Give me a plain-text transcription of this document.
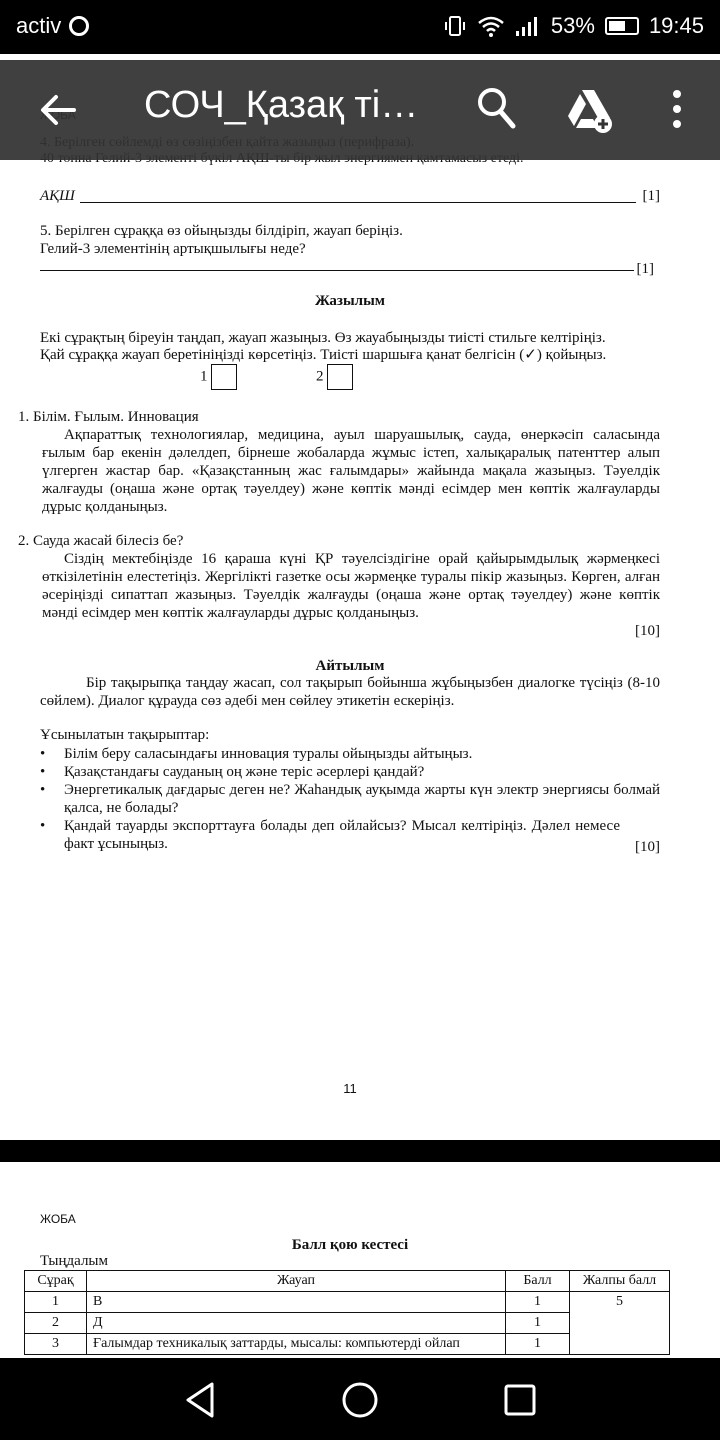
activ	53% 19:45
АҚШ	[1]
5. Берілген сұраққа өз ойыңызды білдіріп, жауап беріңіз.
Гелий-3 элементінің артықшылығы неде?
[1]
Жазылым
Екі сұрақтың біреуін таңдап, жауап жазыңыз. Өз жауабыңызды тиісті стильге келтіріңіз.
Қай сұраққа жауап беретініңізді көрсетіңіз. Тиісті шаршыға қанат белгісін (✓) қойыңыз.
1	2
1. Білім. Ғылым. Инновация
Ақпараттық технологиялар, медицина, ауыл шаруашылық, сауда, өнеркәсіп саласында ғылым бар екенін дәлелдеп, бірнеше жобаларда жұмыс істеп, халықаралық патенттер алып үлгерген жастар бар. «Қазақстанның жас ғалымдары» жайында мақала жазыңыз. Тәуелдік жалғауды (оңаша және ортақ тәуелдеу) және көптік мәнді есімдер мен көптік жалғауларды дұрыс қолданыңыз.
2. Сауда жасай білесіз бе?
Сіздің мектебіңізде 16 қараша күні ҚР тәуелсіздігіне орай қайырымдылық жәрмеңкесі өткізілетінін елестетіңіз. Жергілікті газетке осы жәрмеңке туралы пікір жазыңыз. Көрген, алған әсеріңізді сипаттап жазыңыз. Тәуелдік жалғауды (оңаша және ортақ тәуелдеу) және көптік мәнді есімдер мен көптік жалғауларды дұрыс қолданыңыз.
[10]
Айтылым
Бір тақырыпқа таңдау жасап, сол тақырып бойынша жұбыңызбен диалогке түсіңіз (8-10 сөйлем). Диалог құрауда сөз әдебі мен сөйлеу этикетін ескеріңіз.
Ұсынылатын тақырыптар:
• Білім беру саласындағы инновация туралы ойыңызды айтыңыз.
• Қазақстандағы сауданың оң және теріс әсерлері қандай?
• Энергетикалық дағдарыс деген не? Жаһандық ауқымда жарты күн электр энергиясы болмай қалса, не болады?
• Қандай тауарды экспорттауға болады деп ойлайсыз? Мысал келтіріңіз. Дәлел немесе факт ұсыныңыз.	[10]
11
ЖОБА
Балл қою кестесі
Тыңдалым
Сұрақ	Жауап	Балл	Жалпы балл
1	В	1	5
2	Д	1	
3	Ғалымдар техникалық заттарды, мысалы: компьютерді ойлап	1	
СОЧ_Қазақ ті…
